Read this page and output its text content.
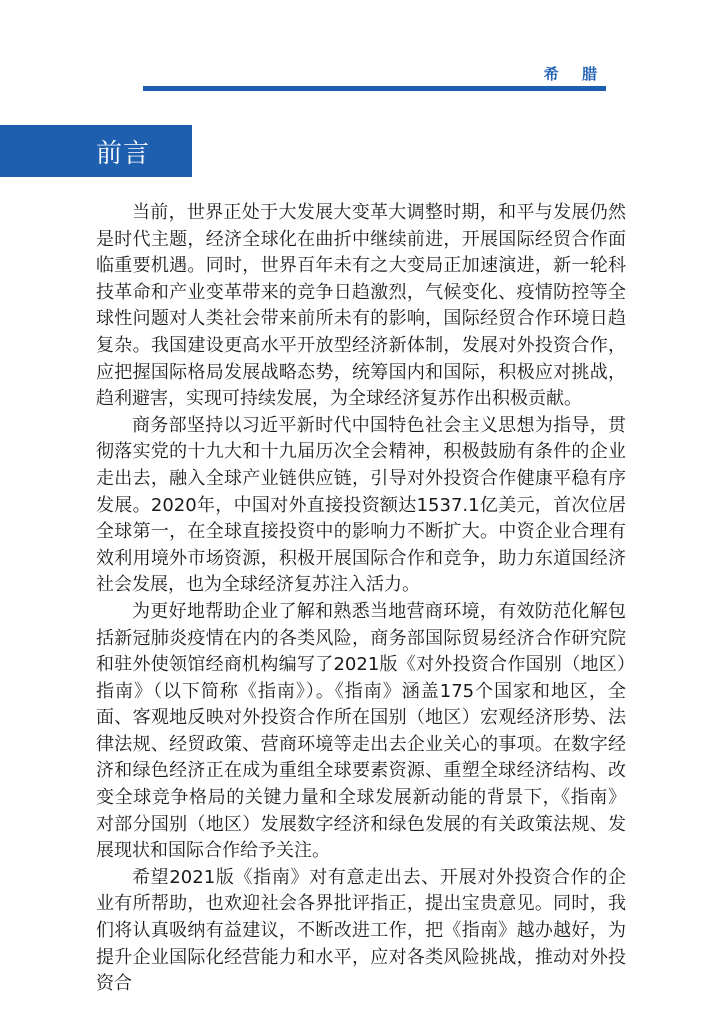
希 腊
前言

当前，世界正处于大发展大变革大调整时期，和平与发展仍然是时代主题，经济全球化在曲折中继续前进，开展国际经贸合作面临重要机遇。同时，世界百年未有之大变局正加速演进，新一轮科技革命和产业变革带来的竞争日趋激烈，气候变化、疫情防控等全球性问题对人类社会带来前所未有的影响，国际经贸合作环境日趋复杂。我国建设更高水平开放型经济新体制，发展对外投资合作，应把握国际格局发展战略态势，统筹国内和国际，积极应对挑战，趋利避害，实现可持续发展，为全球经济复苏作出积极贡献。

商务部坚持以习近平新时代中国特色社会主义思想为指导，贯彻落实党的十九大和十九届历次全会精神，积极鼓励有条件的企业走出去，融入全球产业链供应链，引导对外投资合作健康平稳有序发展。2020年，中国对外直接投资额达1537.1亿美元，首次位居全球第一，在全球直接投资中的影响力不断扩大。中资企业合理有效利用境外市场资源，积极开展国际合作和竞争，助力东道国经济社会发展，也为全球经济复苏注入活力。

为更好地帮助企业了解和熟悉当地营商环境，有效防范化解包括新冠肺炎疫情在内的各类风险，商务部国际贸易经济合作研究院和驻外使领馆经商机构编写了2021版《对外投资合作国别（地区）指南》（以下简称《指南》）。《指南》涵盖175个国家和地区，全面、客观地反映对外投资合作所在国别（地区）宏观经济形势、法律法规、经贸政策、营商环境等走出去企业关心的事项。在数字经济和绿色经济正在成为重组全球要素资源、重塑全球经济结构、改变全球竞争格局的关键力量和全球发展新动能的背景下，《指南》对部分国别（地区）发展数字经济和绿色发展的有关政策法规、发展现状和国际合作给予关注。

希望2021版《指南》对有意走出去、开展对外投资合作的企业有所帮助，也欢迎社会各界批评指正，提出宝贵意见。同时，我们将认真吸纳有益建议，不断改进工作，把《指南》越办越好，为提升企业国际化经营能力和水平，应对各类风险挑战，推动对外投资合
